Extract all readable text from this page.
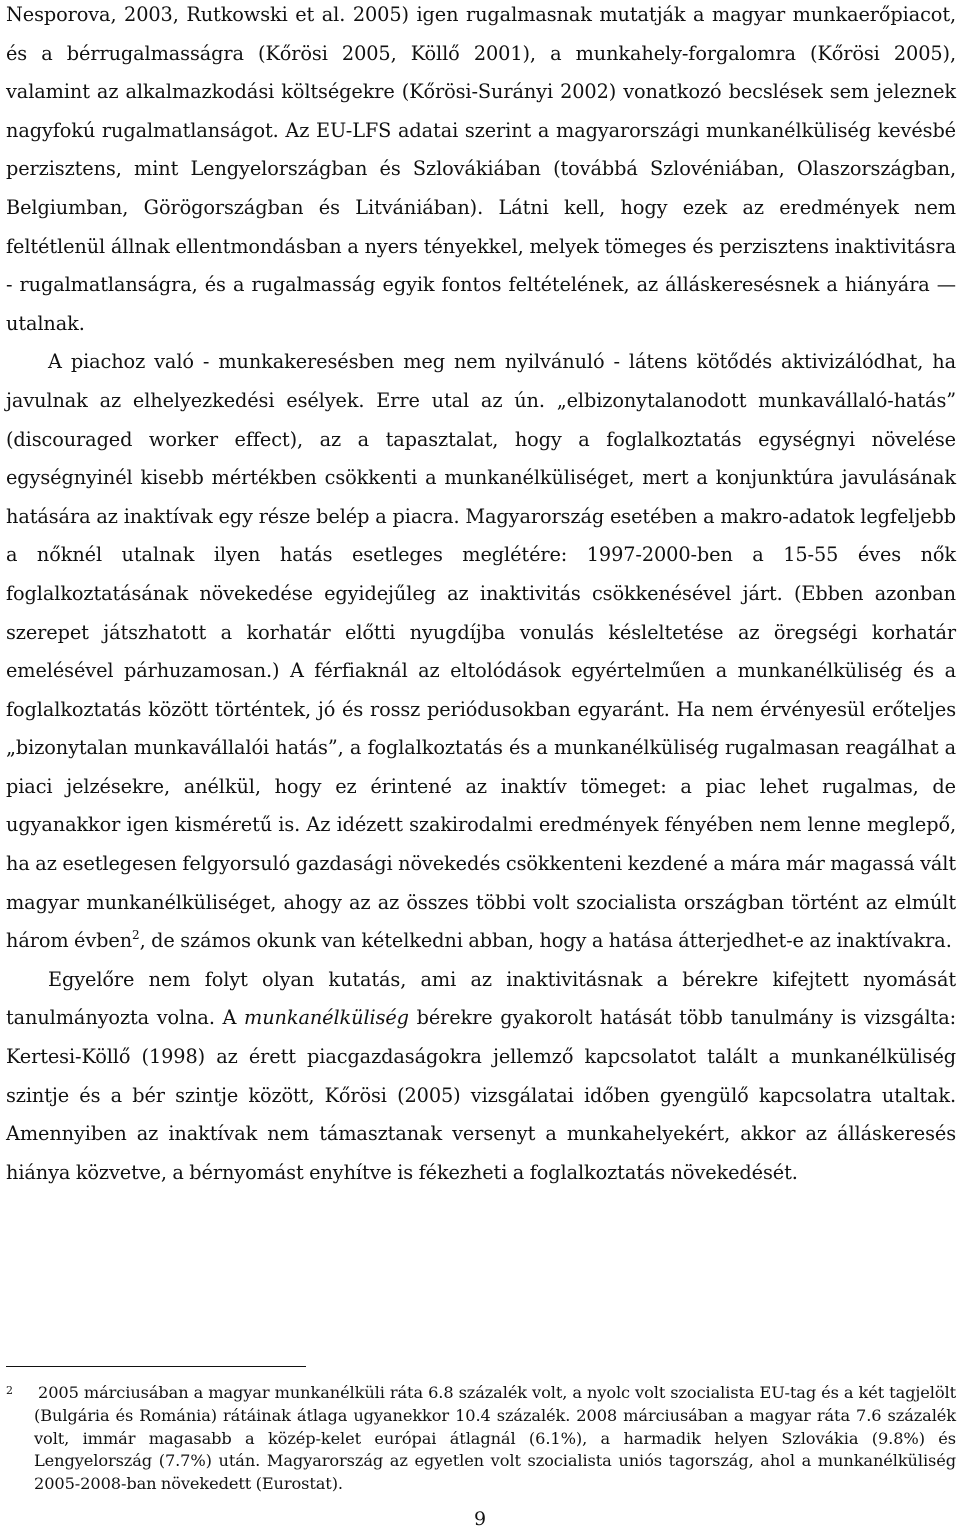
Nesporova, 2003, Rutkowski et al. 2005) igen rugalmasnak mutatják a magyar munkaerőpiacot, és a bérrugalmasságra (Kőrösi 2005, Köllő 2001), a munkahely-forgalomra (Kőrösi 2005), valamint az alkalmazkodási költségekre (Kőrösi-Surányi 2002) vonatkozó becslések sem jeleznek nagyfokú rugalmatlanságot. Az EU-LFS adatai szerint a magyarországi munkanélküliség kevésbé perzisztens, mint Lengyelországban és Szlovákiában (továbbá Szlovéniában, Olaszországban, Belgiumban, Görögországban és Litvániában). Látni kell, hogy ezek az eredmények nem feltétlenül állnak ellentmondásban a nyers tényekkel, melyek tömeges és perzisztens inaktivitásra - rugalmatlanságra, és a rugalmasság egyik fontos feltételének, az álláskeresésnek a hiányára — utalnak.

A piachoz való - munkakeresésben meg nem nyilvánuló - látens kötődés aktivizálódhat, ha javulnak az elhelyezkedési esélyek. Erre utal az ún. „elbizonytalanodott munkavállaló-hatás” (discouraged worker effect), az a tapasztalat, hogy a foglalkoztatás egységnyi növelése egységnyinél kisebb mértékben csökkenti a munkanélküliséget, mert a konjunktúra javulásának hatására az inaktívak egy része belép a piacra. Magyarország esetében a makro-adatok legfeljebb a nőknél utalnak ilyen hatás esetleges meglétére: 1997-2000-ben a 15-55 éves nők foglalkoztatásának növekedése egyidejűleg az inaktivitás csökkenésével járt. (Ebben azonban szerepet játszhatott a korhatár előtti nyugdíjba vonulás késleltetése az öregségi korhatár emelésével párhuzamosan.) A férfiaknál az eltolódások egyértelműen a munkanélküliség és a foglalkoztatás között történtek, jó és rossz periódusokban egyaránt. Ha nem érvényesül erőteljes „bizonytalan munkavállalói hatás”, a foglalkoztatás és a munkanélküliség rugalmasan reagálhat a piaci jelzésekre, anélkül, hogy ez érintené az inaktív tömeget: a piac lehet rugalmas, de ugyanakkor igen kisméretű is. Az idézett szakirodalmi eredmények fényében nem lenne meglepő, ha az esetlegesen felgyorsuló gazdasági növekedés csökkenteni kezdené a mára már magassá vált magyar munkanélküliséget, ahogy az az összes többi volt szocialista országban történt az elmúlt három évben$^2$, de számos okunk van kételkedni abban, hogy a hatása átterjedhet-e az inaktívakra.

Egyelőre nem folyt olyan kutatás, ami az inaktivitásnak a bérekre kifejtett nyomását tanulmányozta volna. A munkanélküliség bérekre gyakorolt hatását több tanulmány is vizsgálta: Kertesi-Köllő (1998) az érett piacgazdaságokra jellemző kapcsolatot talált a munkanélküliség szintje és a bér szintje között, Kőrösi (2005) vizsgálatai időben gyengülő kapcsolatra utaltak. Amennyiben az inaktívak nem támasztanak versenyt a munkahelyekért, akkor az álláskeresés hiánya közvetve, a bérnyomást enyhítve is fékezheti a foglalkoztatás növekedését.

2	2005 márciusában a magyar munkanélküli ráta 6.8 százalék volt, a nyolc volt szocialista EU-tag és a két tagjelölt (Bulgária és Románia) rátáinak átlaga ugyanekkor 10.4 százalék. 2008 márciusában a magyar ráta 7.6 százalék volt, immár magasabb a közép-kelet európai átlagnál (6.1%), a harmadik helyen Szlovákia (9.8%) és Lengyelország (7.7%) után. Magyarország az egyetlen volt szocialista uniós tagország, ahol a munkanélküliség 2005-2008-ban növekedett (Eurostat).
9
